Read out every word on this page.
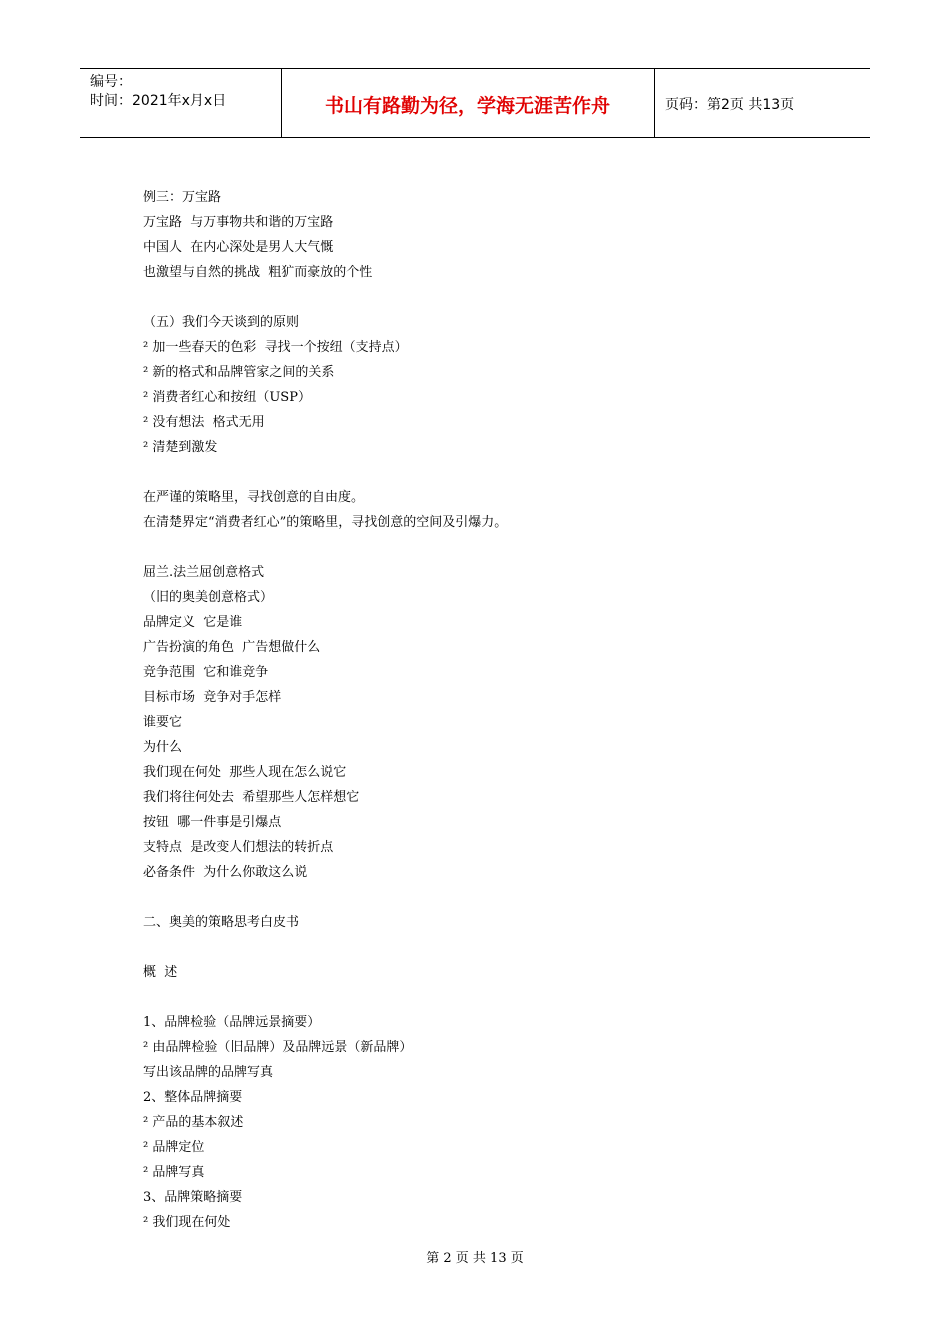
编号：
时间：2021年x月x日	书山有路勤为径，学海无涯苦作舟	页码：第2页 共13页
例三：万宝路
万宝路  与万事物共和谐的万宝路
中国人  在内心深处是男人大气慨
也激望与自然的挑战  粗犷而豪放的个性
（五）我们今天谈到的原则
² 加一些春天的色彩  寻找一个按纽（支持点）
² 新的格式和品牌管家之间的关系
² 消费者红心和按纽（USP）
² 没有想法  格式无用
² 清楚到激发
在严谨的策略里，寻找创意的自由度。
在清楚界定“消费者红心”的策略里，寻找创意的空间及引爆力。
屈兰.法兰屈创意格式
（旧的奥美创意格式）
品牌定义  它是谁
广告扮演的角色  广告想做什么
竞争范围  它和谁竞争
目标市场  竞争对手怎样
谁要它
为什么
我们现在何处  那些人现在怎么说它
我们将往何处去  希望那些人怎样想它
按钮  哪一件事是引爆点
支特点  是改变人们想法的转折点
必备条件  为什么你敢这么说
二、奥美的策略思考白皮书
概  述
1、品牌检验（品牌远景摘要）
² 由品牌检验（旧品牌）及品牌远景（新品牌）
写出该品牌的品牌写真
2、整体品牌摘要
² 产品的基本叙述
² 品牌定位
² 品牌写真
3、品牌策略摘要
² 我们现在何处
第 2 页 共 13 页
